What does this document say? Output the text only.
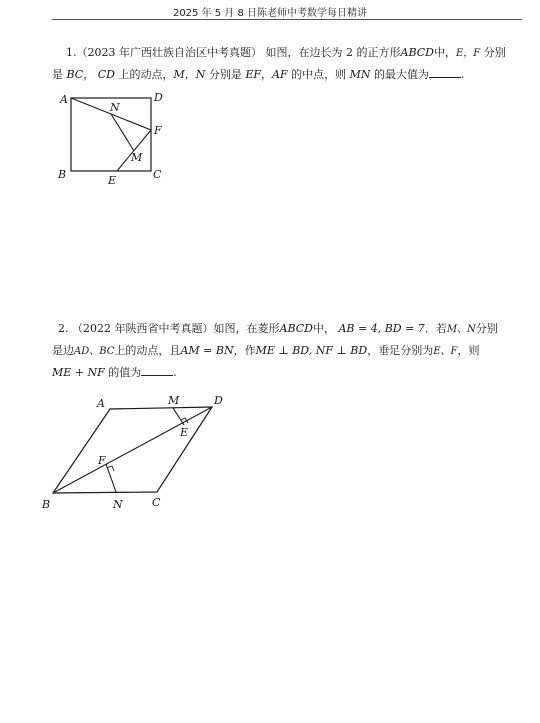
2025 年 5 月 8 日陈老师中考数学每日精讲
1.（2023 年广西壮族自治区中考真题） 如图，在边长为 2 的正方形ABCD中，E，F 分别
是 BC， CD 上的动点，M，N 分别是 EF，AF 的中点，则 MN 的最大值为	.
A	D
B	C
N
F
M
E
2. （2022 年陕西省中考真题）如图，在菱形ABCD中， AB = 4, BD = 7．若M、N分别
是边AD、BC上的动点，且AM = BN，作ME ⊥ BD, NF ⊥ BD，垂足分别为E、F，则
ME + NF 的值为	.
A	M	D
E
F
B	N	C
